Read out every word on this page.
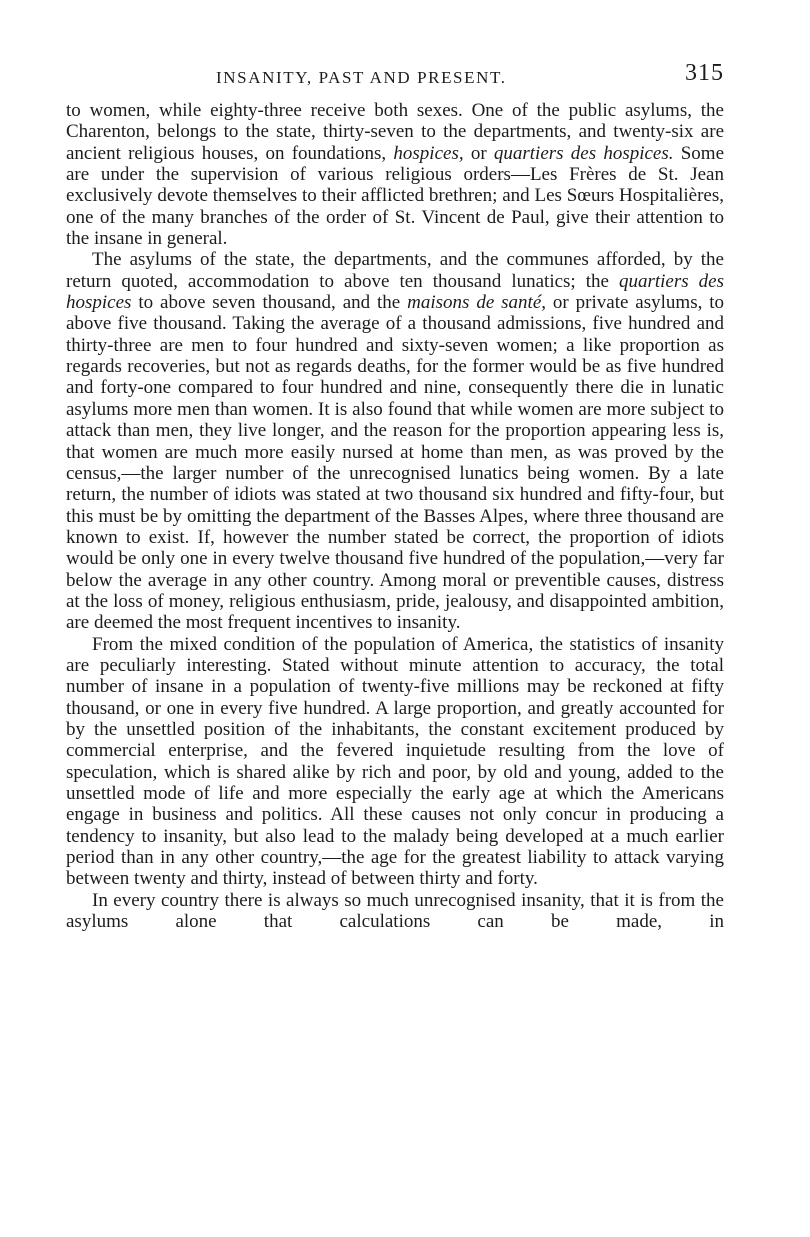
INSANITY, PAST AND PRESENT.	315

to women, while eighty-three receive both sexes. One of the public asylums, the Charenton, belongs to the state, thirty-seven to the departments, and twenty-six are ancient religious houses, on foundations, hospices, or quartiers des hospices. Some are under the supervision of various religious orders—Les Frères de St. Jean exclusively devote themselves to their afflicted brethren; and Les Sœurs Hospitalières, one of the many branches of the order of St. Vincent de Paul, give their attention to the insane in general.

The asylums of the state, the departments, and the communes afforded, by the return quoted, accommodation to above ten thousand lunatics; the quartiers des hospices to above seven thousand, and the maisons de santé, or private asylums, to above five thousand. Taking the average of a thousand admissions, five hundred and thirty-three are men to four hundred and sixty-seven women; a like proportion as regards recoveries, but not as regards deaths, for the former would be as five hundred and forty-one compared to four hundred and nine, consequently there die in lunatic asylums more men than women. It is also found that while women are more subject to attack than men, they live longer, and the reason for the proportion appearing less is, that women are much more easily nursed at home than men, as was proved by the census,—the larger number of the unrecognised lunatics being women. By a late return, the number of idiots was stated at two thousand six hundred and fifty-four, but this must be by omitting the department of the Basses Alpes, where three thousand are known to exist. If, however the number stated be correct, the proportion of idiots would be only one in every twelve thousand five hundred of the population,—very far below the average in any other country. Among moral or preventible causes, distress at the loss of money, religious enthusiasm, pride, jealousy, and disappointed ambition, are deemed the most frequent incentives to insanity.

From the mixed condition of the population of America, the statistics of insanity are peculiarly interesting. Stated without minute attention to accuracy, the total number of insane in a population of twenty-five millions may be reckoned at fifty thousand, or one in every five hundred. A large proportion, and greatly accounted for by the unsettled position of the inhabitants, the constant excitement produced by commercial enterprise, and the fevered inquietude resulting from the love of speculation, which is shared alike by rich and poor, by old and young, added to the unsettled mode of life and more especially the early age at which the Americans engage in business and politics. All these causes not only concur in producing a tendency to insanity, but also lead to the malady being developed at a much earlier period than in any other country,—the age for the greatest liability to attack varying between twenty and thirty, instead of between thirty and forty.

In every country there is always so much unrecognised insanity, that it is from the asylums alone that calculations can be made, in
